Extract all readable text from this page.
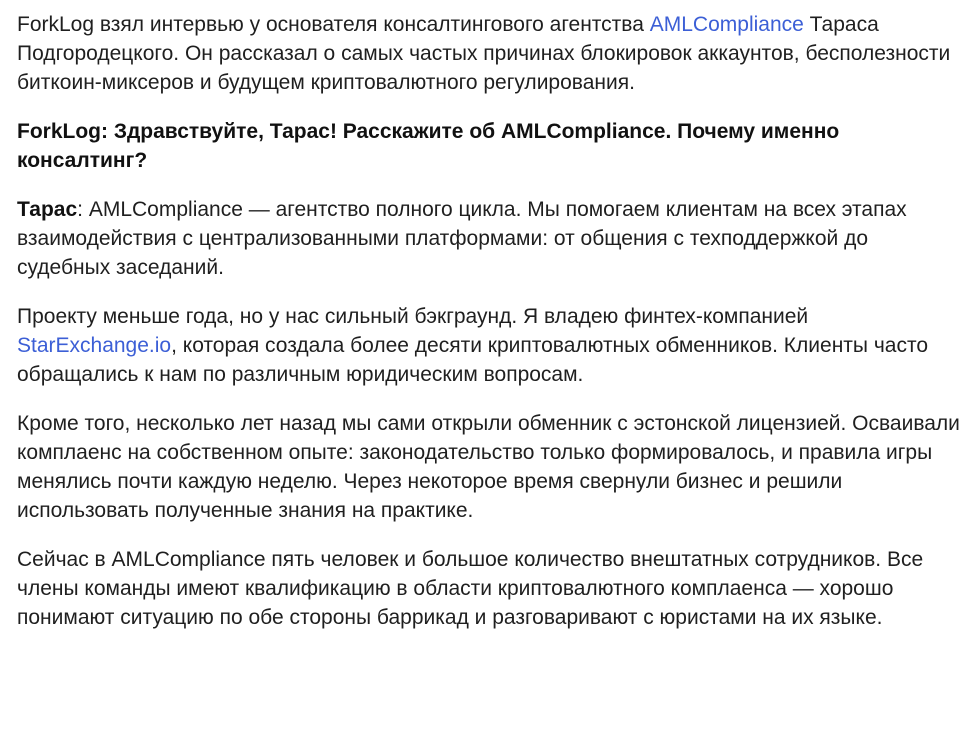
ForkLog взял интервью у основателя консалтингового агентства AMLCompliance Тараса Подгородецкого. Он рассказал о самых частых причинах блокировок аккаунтов, бесполезности биткоин-миксеров и будущем криптовалютного регулирования.

ForkLog: Здравствуйте, Тарас! Расскажите об AMLCompliance. Почему именно консалтинг?

Тарас: AMLCompliance — агентство полного цикла. Мы помогаем клиентам на всех этапах взаимодействия с централизованными платформами: от общения с техподдержкой до судебных заседаний.

Проекту меньше года, но у нас сильный бэкграунд. Я владею финтех-компанией StarExchange.io, которая создала более десяти криптовалютных обменников. Клиенты часто обращались к нам по различным юридическим вопросам.

Кроме того, несколько лет назад мы сами открыли обменник с эстонской лицензией. Осваивали комплаенс на собственном опыте: законодательство только формировалось, и правила игры менялись почти каждую неделю. Через некоторое время свернули бизнес и решили использовать полученные знания на практике.

Сейчас в AMLCompliance пять человек и большое количество внештатных сотрудников. Все члены команды имеют квалификацию в области криптовалютного комплаенса — хорошо понимают ситуацию по обе стороны баррикад и разговаривают с юристами на их языке.
